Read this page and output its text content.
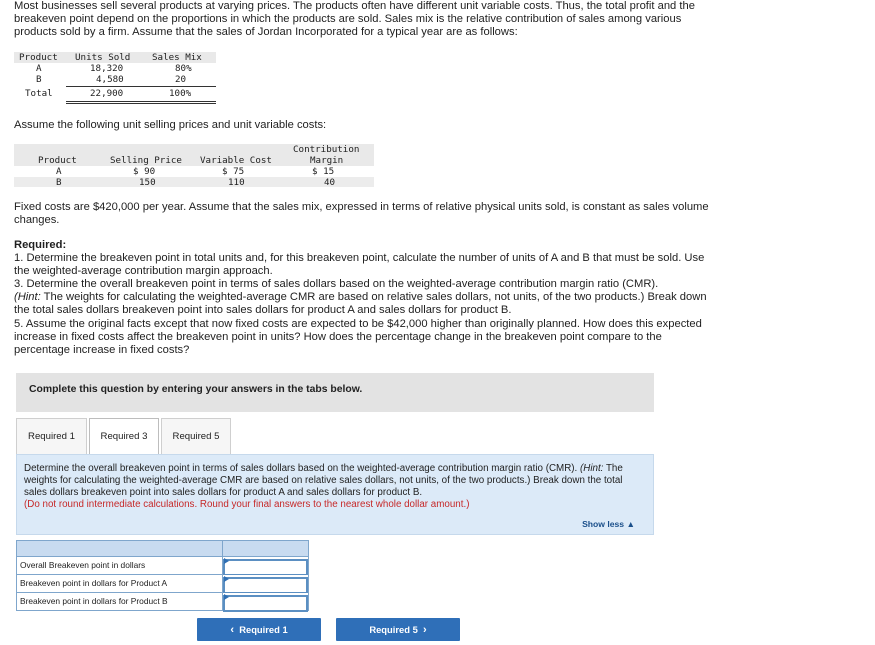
Most businesses sell several products at varying prices. The products often have different unit variable costs. Thus, the total profit and the breakeven point depend on the proportions in which the products are sold. Sales mix is the relative contribution of sales among various products sold by a firm. Assume that the sales of Jordan Incorporated for a typical year are as follows:
Product Units Sold Sales Mix
A	18,320	80%
B	4,580	20
Total	22,900	100%
Assume the following unit selling prices and unit variable costs:
Product	Selling Price Variable Cost
Contribution
Margin
A	$ 90	$ 75	$ 15
B	150	110	40
Fixed costs are $420,000 per year. Assume that the sales mix, expressed in terms of relative physical units sold, is constant as sales volume changes.
Required:
1. Determine the breakeven point in total units and, for this breakeven point, calculate the number of units of A and B that must be sold. Use the weighted-average contribution margin approach.
3. Determine the overall breakeven point in terms of sales dollars based on the weighted-average contribution margin ratio (CMR).
(Hint: The weights for calculating the weighted-average CMR are based on relative sales dollars, not units, of the two products.) Break down the total sales dollars breakeven point into sales dollars for product A and sales dollars for product B.
5. Assume the original facts except that now fixed costs are expected to be $42,000 higher than originally planned. How does this expected increase in fixed costs affect the breakeven point in units? How does the percentage change in the breakeven point compare to the percentage increase in fixed costs?
Complete this question by entering your answers in the tabs below.
Required 1	Required 3	Required 5
Determine the overall breakeven point in terms of sales dollars based on the weighted-average contribution margin ratio (CMR). (Hint: The weights for calculating the weighted-average CMR are based on relative sales dollars, not units, of the two products.) Break down the total sales dollars breakeven point into sales dollars for product A and sales dollars for product B.
(Do not round intermediate calculations. Round your final answers to the nearest whole dollar amount.)
Show less ▲
Overall Breakeven point in dollars
Breakeven point in dollars for Product A
Breakeven point in dollars for Product B
‹
Required 1	Required 5
›
